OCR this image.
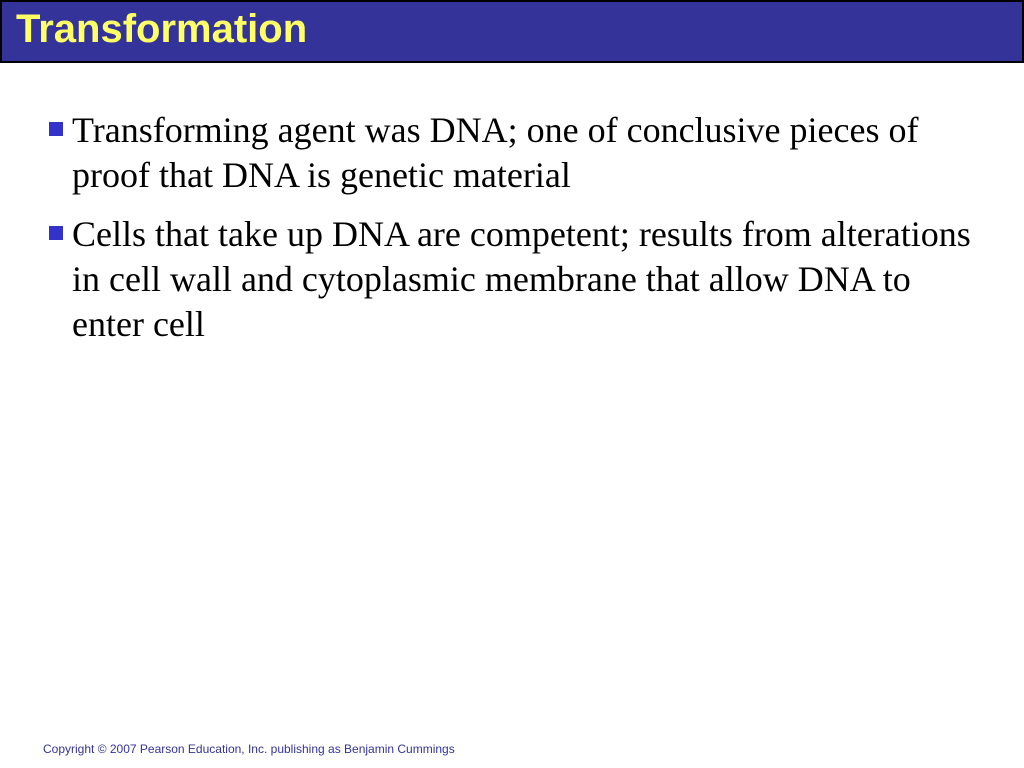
Transformation
Transforming agent was DNA; one of conclusive pieces of proof that DNA is genetic material
Cells that take up DNA are competent; results from alterations in cell wall and cytoplasmic membrane that allow DNA to enter cell
Copyright © 2007 Pearson Education, Inc. publishing as Benjamin Cummings
